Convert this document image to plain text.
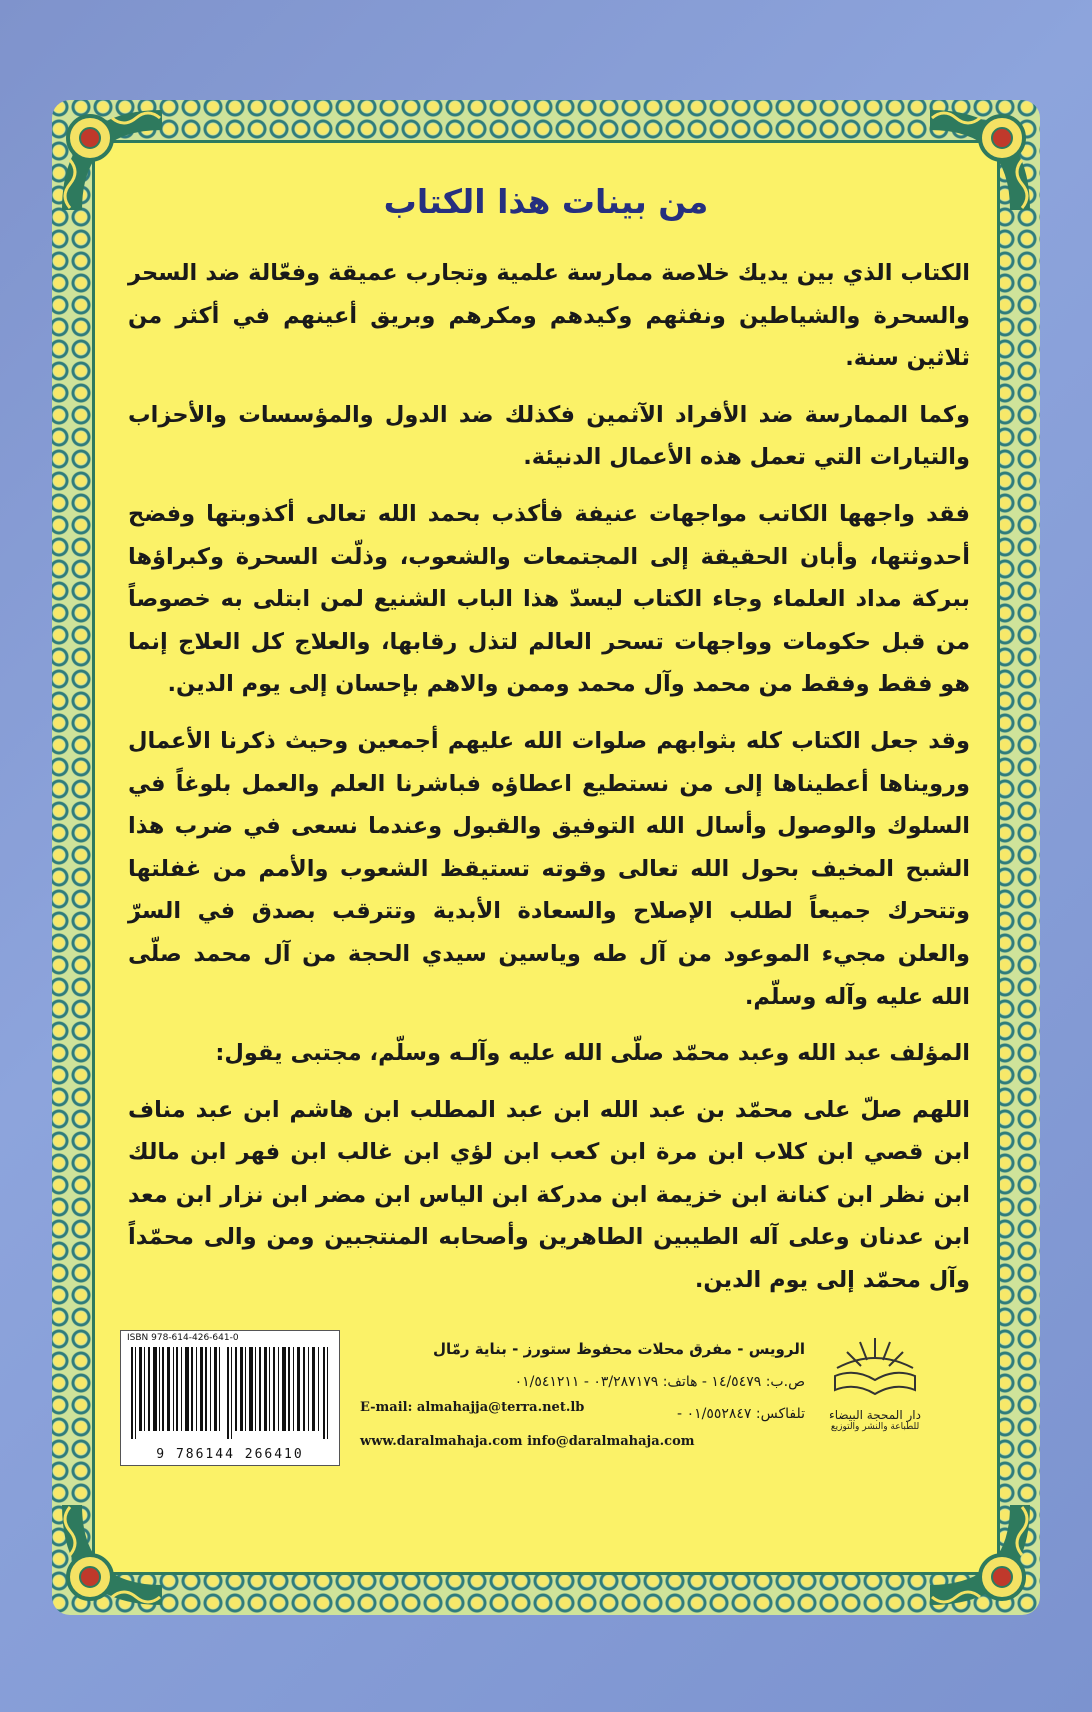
من بينات هذا الكتاب

الكتاب الذي بين يديك خلاصة ممارسة علمية وتجارب عميقة وفعّالة ضد السحر والسحرة والشياطين ونفثهم وكيدهم ومكرهم وبريق أعينهم في أكثر من ثلاثين سنة.

وكما الممارسة ضد الأفراد الآثمين فكذلك ضد الدول والمؤسسات والأحزاب والتيارات التي تعمل هذه الأعمال الدنيئة.

فقد واجهها الكاتب مواجهات عنيفة فأكذب بحمد الله تعالى أكذوبتها وفضح أحدوثتها، وأبان الحقيقة إلى المجتمعات والشعوب، وذلّت السحرة وكبراؤها ببركة مداد العلماء وجاء الكتاب ليسدّ هذا الباب الشنيع لمن ابتلى به خصوصاً من قبل حكومات وواجهات تسحر العالم لتذل رقابها، والعلاج كل العلاج إنما هو فقط وفقط من محمد وآل محمد وممن والاهم بإحسان إلى يوم الدين.

وقد جعل الكتاب كله بثوابهم صلوات الله عليهم أجمعين وحيث ذكرنا الأعمال ورويناها أعطيناها إلى من نستطيع اعطاؤه فباشرنا العلم والعمل بلوغاً في السلوك والوصول وأسال الله التوفيق والقبول وعندما نسعى في ضرب هذا الشبح المخيف بحول الله تعالى وقوته تستيقظ الشعوب والأمم من غفلتها وتتحرك جميعاً لطلب الإصلاح والسعادة الأبدية وتترقب بصدق في السرّ والعلن مجيء الموعود من آل طه وياسين سيدي الحجة من آل محمد صلّى الله عليه وآله وسلّم.

المؤلف عبد الله وعبد محمّد صلّى الله عليه وآلـه وسلّم، مجتبى يقول:

اللهم صلّ على محمّد بن عبد الله ابن عبد المطلب ابن هاشم ابن عبد مناف ابن قصي ابن كلاب ابن مرة ابن كعب ابن لؤي ابن غالب ابن فهر ابن مالك ابن نظر ابن كنانة ابن خزيمة ابن مدركة ابن الياس ابن مضر ابن نزار ابن معد ابن عدنان وعلى آله الطيبين الطاهرين وأصحابه المنتجبين ومن والى محمّداً وآل محمّد إلى يوم الدين.

ISBN 978-614-426-641-0
9 786144 266410
الرويس - مفرق محلات محفوظ ستورز - بناية رمّال
ص.ب: ١٤/٥٤٧٩ - هاتف: ٠٣/٢٨٧١٧٩ - ٠١/٥٤١٢١١
تلفاكس: ٠١/٥٥٢٨٤٧ -
E-mail: almahajja@terra.net.lb
www.daralmahaja.com info@daralmahaja.com
دار المحجة البيضاء
للطباعة والنشر والتوزيع
